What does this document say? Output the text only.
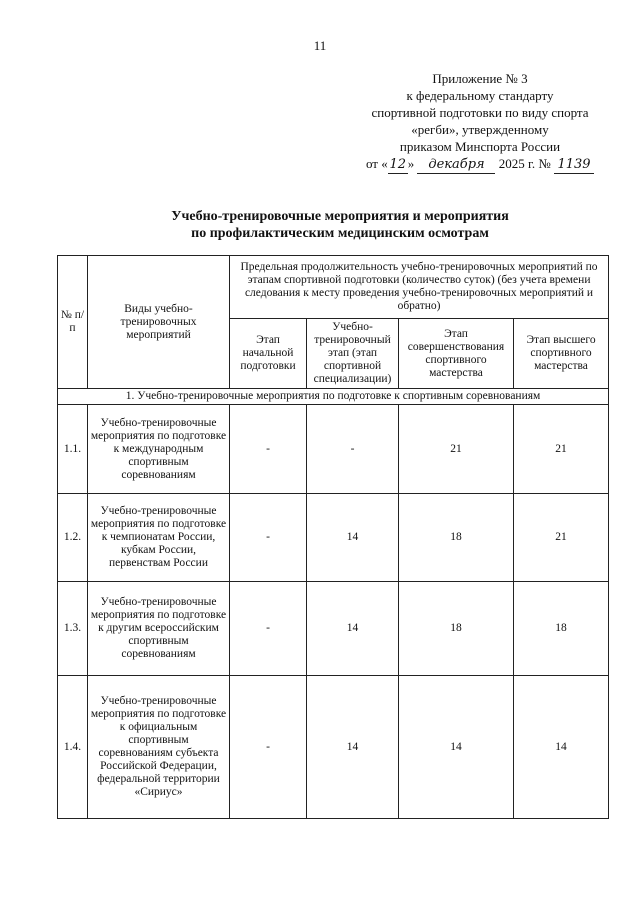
11
Приложение № 3
к федеральному стандарту
спортивной подготовки по виду спорта
«регби», утвержденному
приказом Минспорта России
от « 12 » декабря 2025 г. № 1139
Учебно-тренировочные мероприятия и мероприятия
по профилактическим медицинским осмотрам
№ п/п	Виды учебно-тренировочных мероприятий	Предельная продолжительность учебно-тренировочных мероприятий по этапам спортивной подготовки (количество суток) (без учета времени следования к месту проведения учебно-тренировочных мероприятий и обратно)			
		Этап начальной подготовки	Учебно-тренировочный этап (этап спортивной специализации)	Этап совершенствования спортивного мастерства	Этап высшего спортивного мастерства
1. Учебно-тренировочные мероприятия по подготовке к спортивным соревнованиям					
1.1.	Учебно-тренировочные мероприятия по подготовке к международным спортивным соревнованиям	-	-	21	21
1.2.	Учебно-тренировочные мероприятия по подготовке к чемпионатам России, кубкам России, первенствам России	-	14	18	21
1.3.	Учебно-тренировочные мероприятия по подготовке к другим всероссийским спортивным соревнованиям	-	14	18	18
1.4.	Учебно-тренировочные мероприятия по подготовке к официальным спортивным соревнованиям субъекта Российской Федерации, федеральной территории «Сириус»	-	14	14	14
